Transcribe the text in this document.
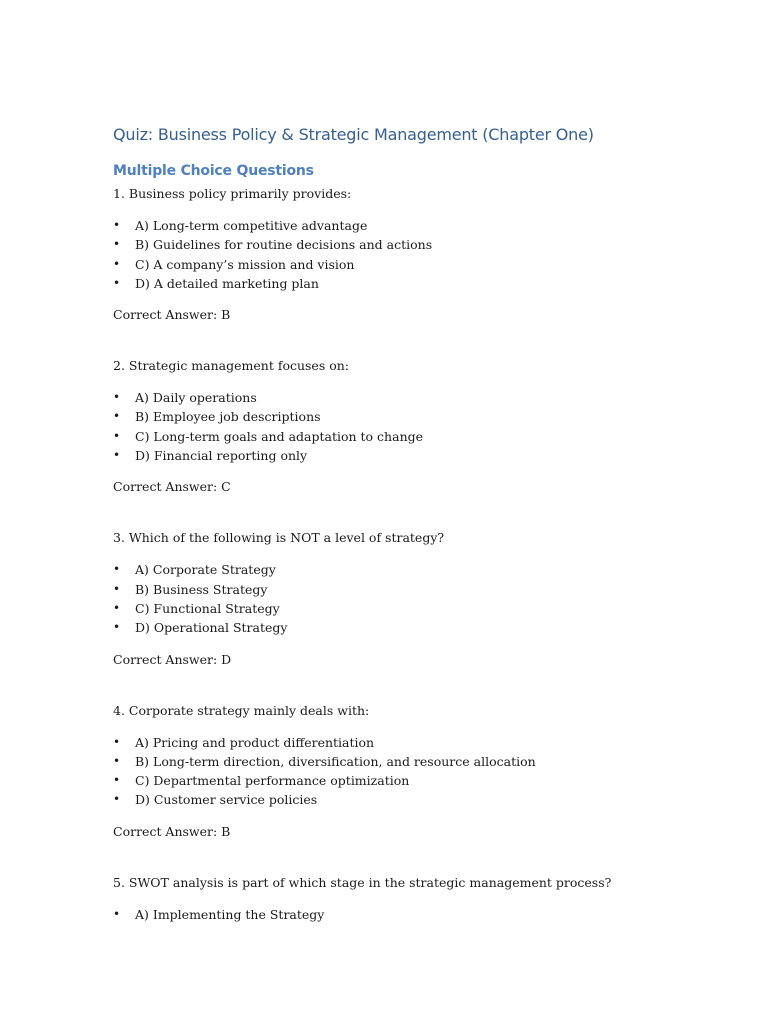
Quiz: Business Policy & Strategic Management (Chapter One)
Multiple Choice Questions

1. Business policy primarily provides:

• A) Long-term competitive advantage
• B) Guidelines for routine decisions and actions
• C) A company’s mission and vision
• D) A detailed marketing plan

Correct Answer: B

2. Strategic management focuses on:

• A) Daily operations
• B) Employee job descriptions
• C) Long-term goals and adaptation to change
• D) Financial reporting only

Correct Answer: C

3. Which of the following is NOT a level of strategy?

• A) Corporate Strategy
• B) Business Strategy
• C) Functional Strategy
• D) Operational Strategy

Correct Answer: D

4. Corporate strategy mainly deals with:

• A) Pricing and product differentiation
• B) Long-term direction, diversification, and resource allocation
• C) Departmental performance optimization
• D) Customer service policies

Correct Answer: B

5. SWOT analysis is part of which stage in the strategic management process?

• A) Implementing the Strategy
